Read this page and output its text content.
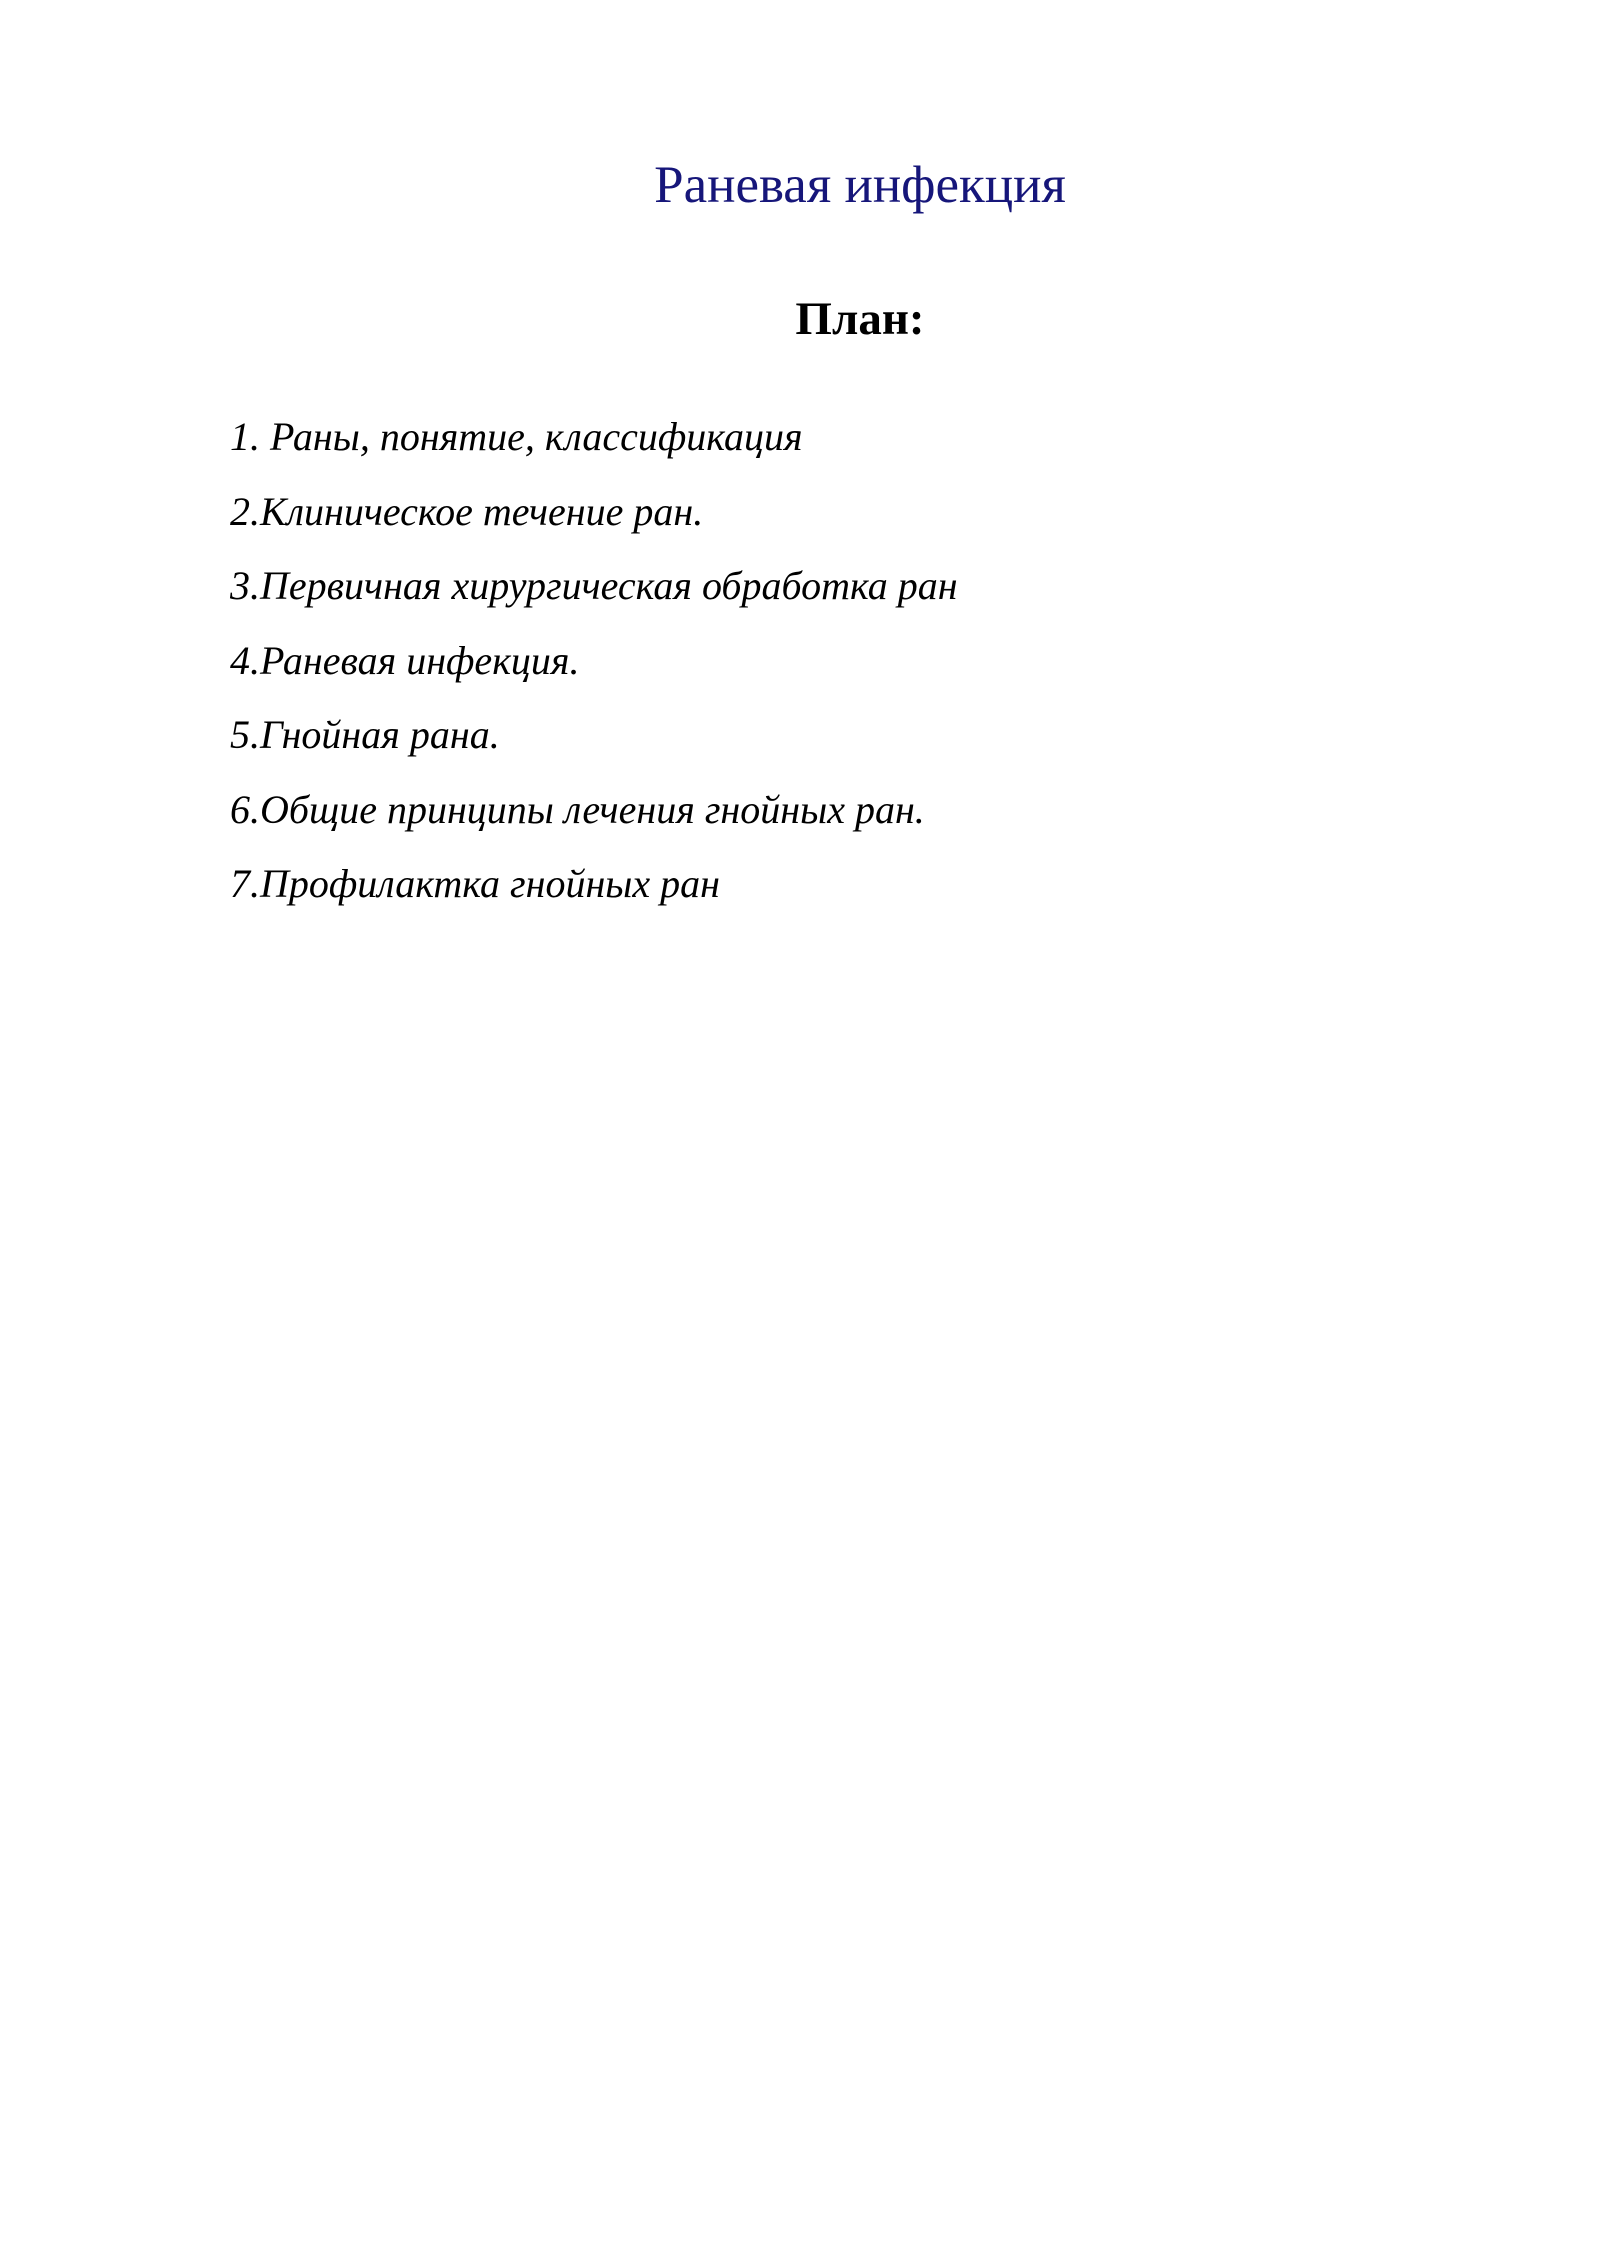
Раневая инфекция
План:
1. Раны, понятие, классификация
2.Клиническое течение ран.
3.Первичная хирургическая обработка ран
4.Раневая инфекция.
5.Гнойная рана.
6.Общие принципы лечения гнойных ран.
7.Профилактка гнойных ран
